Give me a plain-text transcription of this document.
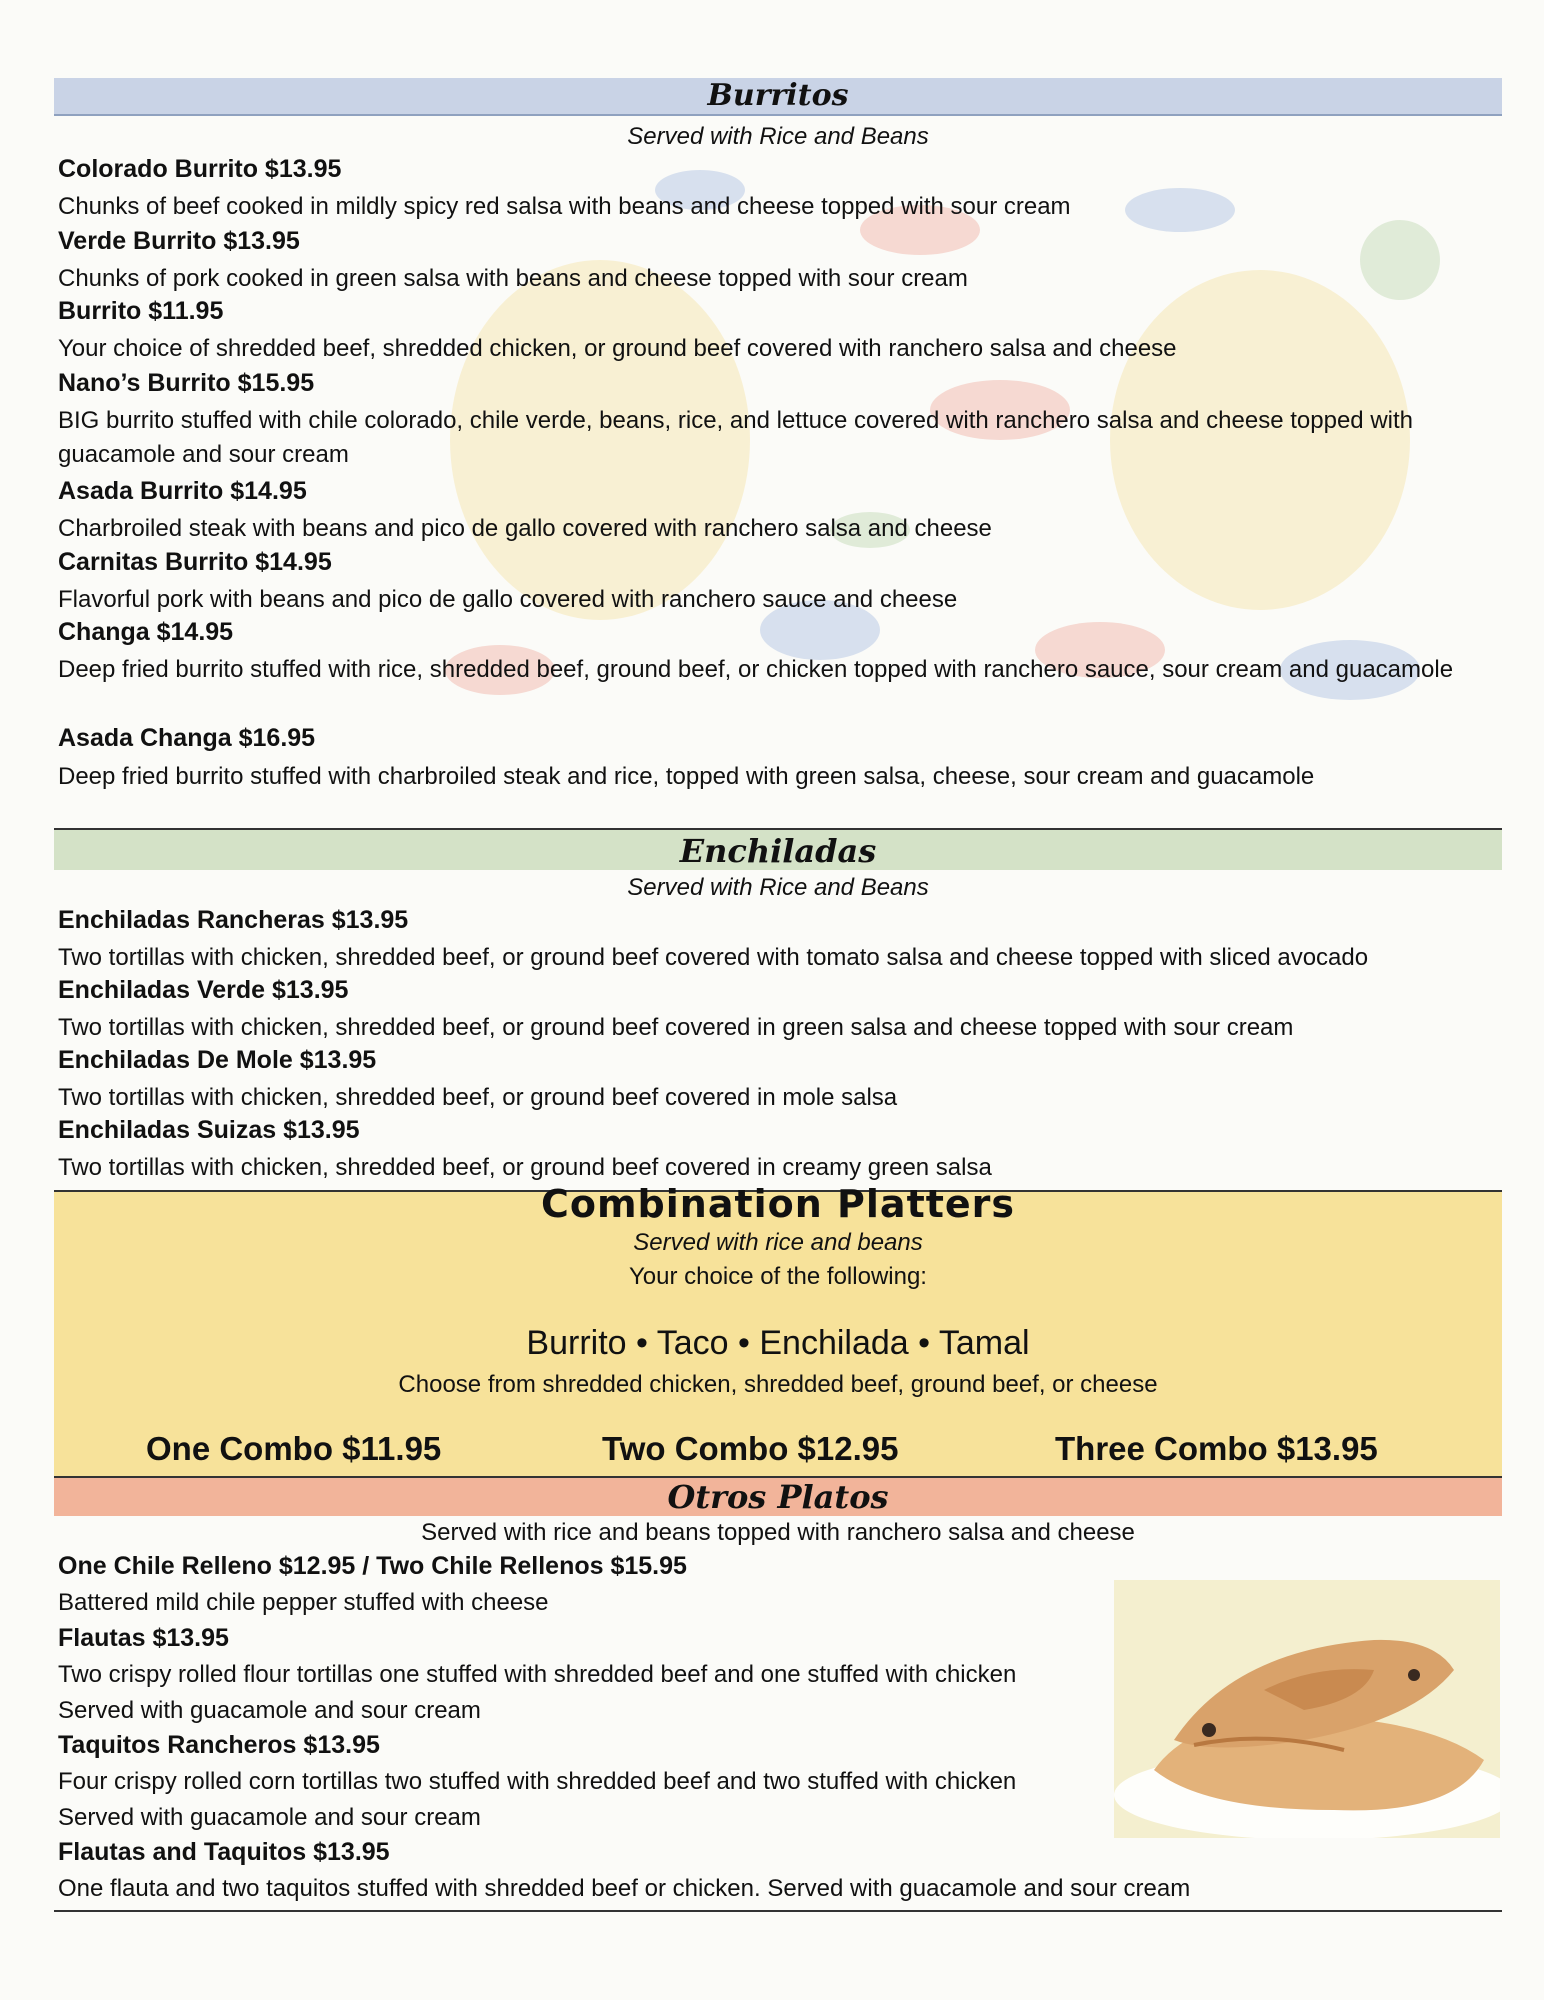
Burritos
Served with Rice and Beans
Colorado Burrito $13.95
Chunks of beef cooked in mildly spicy red salsa with beans and cheese topped with sour cream
Verde Burrito $13.95
Chunks of pork cooked in green salsa with beans and cheese topped with sour cream
Burrito $11.95
Your choice of shredded beef, shredded chicken, or ground beef covered with ranchero salsa and cheese
Nano’s Burrito $15.95
BIG burrito stuffed with chile colorado, chile verde, beans, rice, and lettuce covered with ranchero salsa and cheese topped with guacamole and sour cream
Asada Burrito $14.95
Charbroiled steak with beans and pico de gallo covered with ranchero salsa and cheese
Carnitas Burrito $14.95
Flavorful pork with beans and pico de gallo covered with ranchero sauce and cheese
Changa $14.95
Deep fried burrito stuffed with rice, shredded beef, ground beef, or chicken topped with ranchero sauce, sour cream and guacamole
Asada Changa $16.95
Deep fried burrito stuffed with charbroiled steak and rice, topped with green salsa, cheese, sour cream and guacamole
Enchiladas
Served with Rice and Beans
Enchiladas Rancheras $13.95
Two tortillas with chicken, shredded beef, or ground beef covered with tomato salsa and cheese topped with sliced avocado
Enchiladas Verde $13.95
Two tortillas with chicken, shredded beef, or ground beef covered in green salsa and cheese topped with sour cream
Enchiladas De Mole $13.95
Two tortillas with chicken, shredded beef, or ground beef covered in mole salsa
Enchiladas Suizas $13.95
Two tortillas with chicken, shredded beef, or ground beef covered in creamy green salsa
Combination Platters
Served with rice and beans
Your choice of the following:
Burrito • Taco • Enchilada • Tamal
Choose from shredded chicken, shredded beef, ground beef, or cheese
One Combo $11.95	Two Combo $12.95	Three Combo $13.95
Otros Platos
Served with rice and beans topped with ranchero salsa and cheese
One Chile Relleno $12.95 / Two Chile Rellenos $15.95
Battered mild chile pepper stuffed with cheese
Flautas $13.95
Two crispy rolled flour tortillas one stuffed with shredded beef and one stuffed with chicken
Served with guacamole and sour cream
Taquitos Rancheros $13.95
Four crispy rolled corn tortillas two stuffed with shredded beef and two stuffed with chicken
Served with guacamole and sour cream
Flautas and Taquitos $13.95
One flauta and two taquitos stuffed with shredded beef or chicken. Served with guacamole and sour cream
